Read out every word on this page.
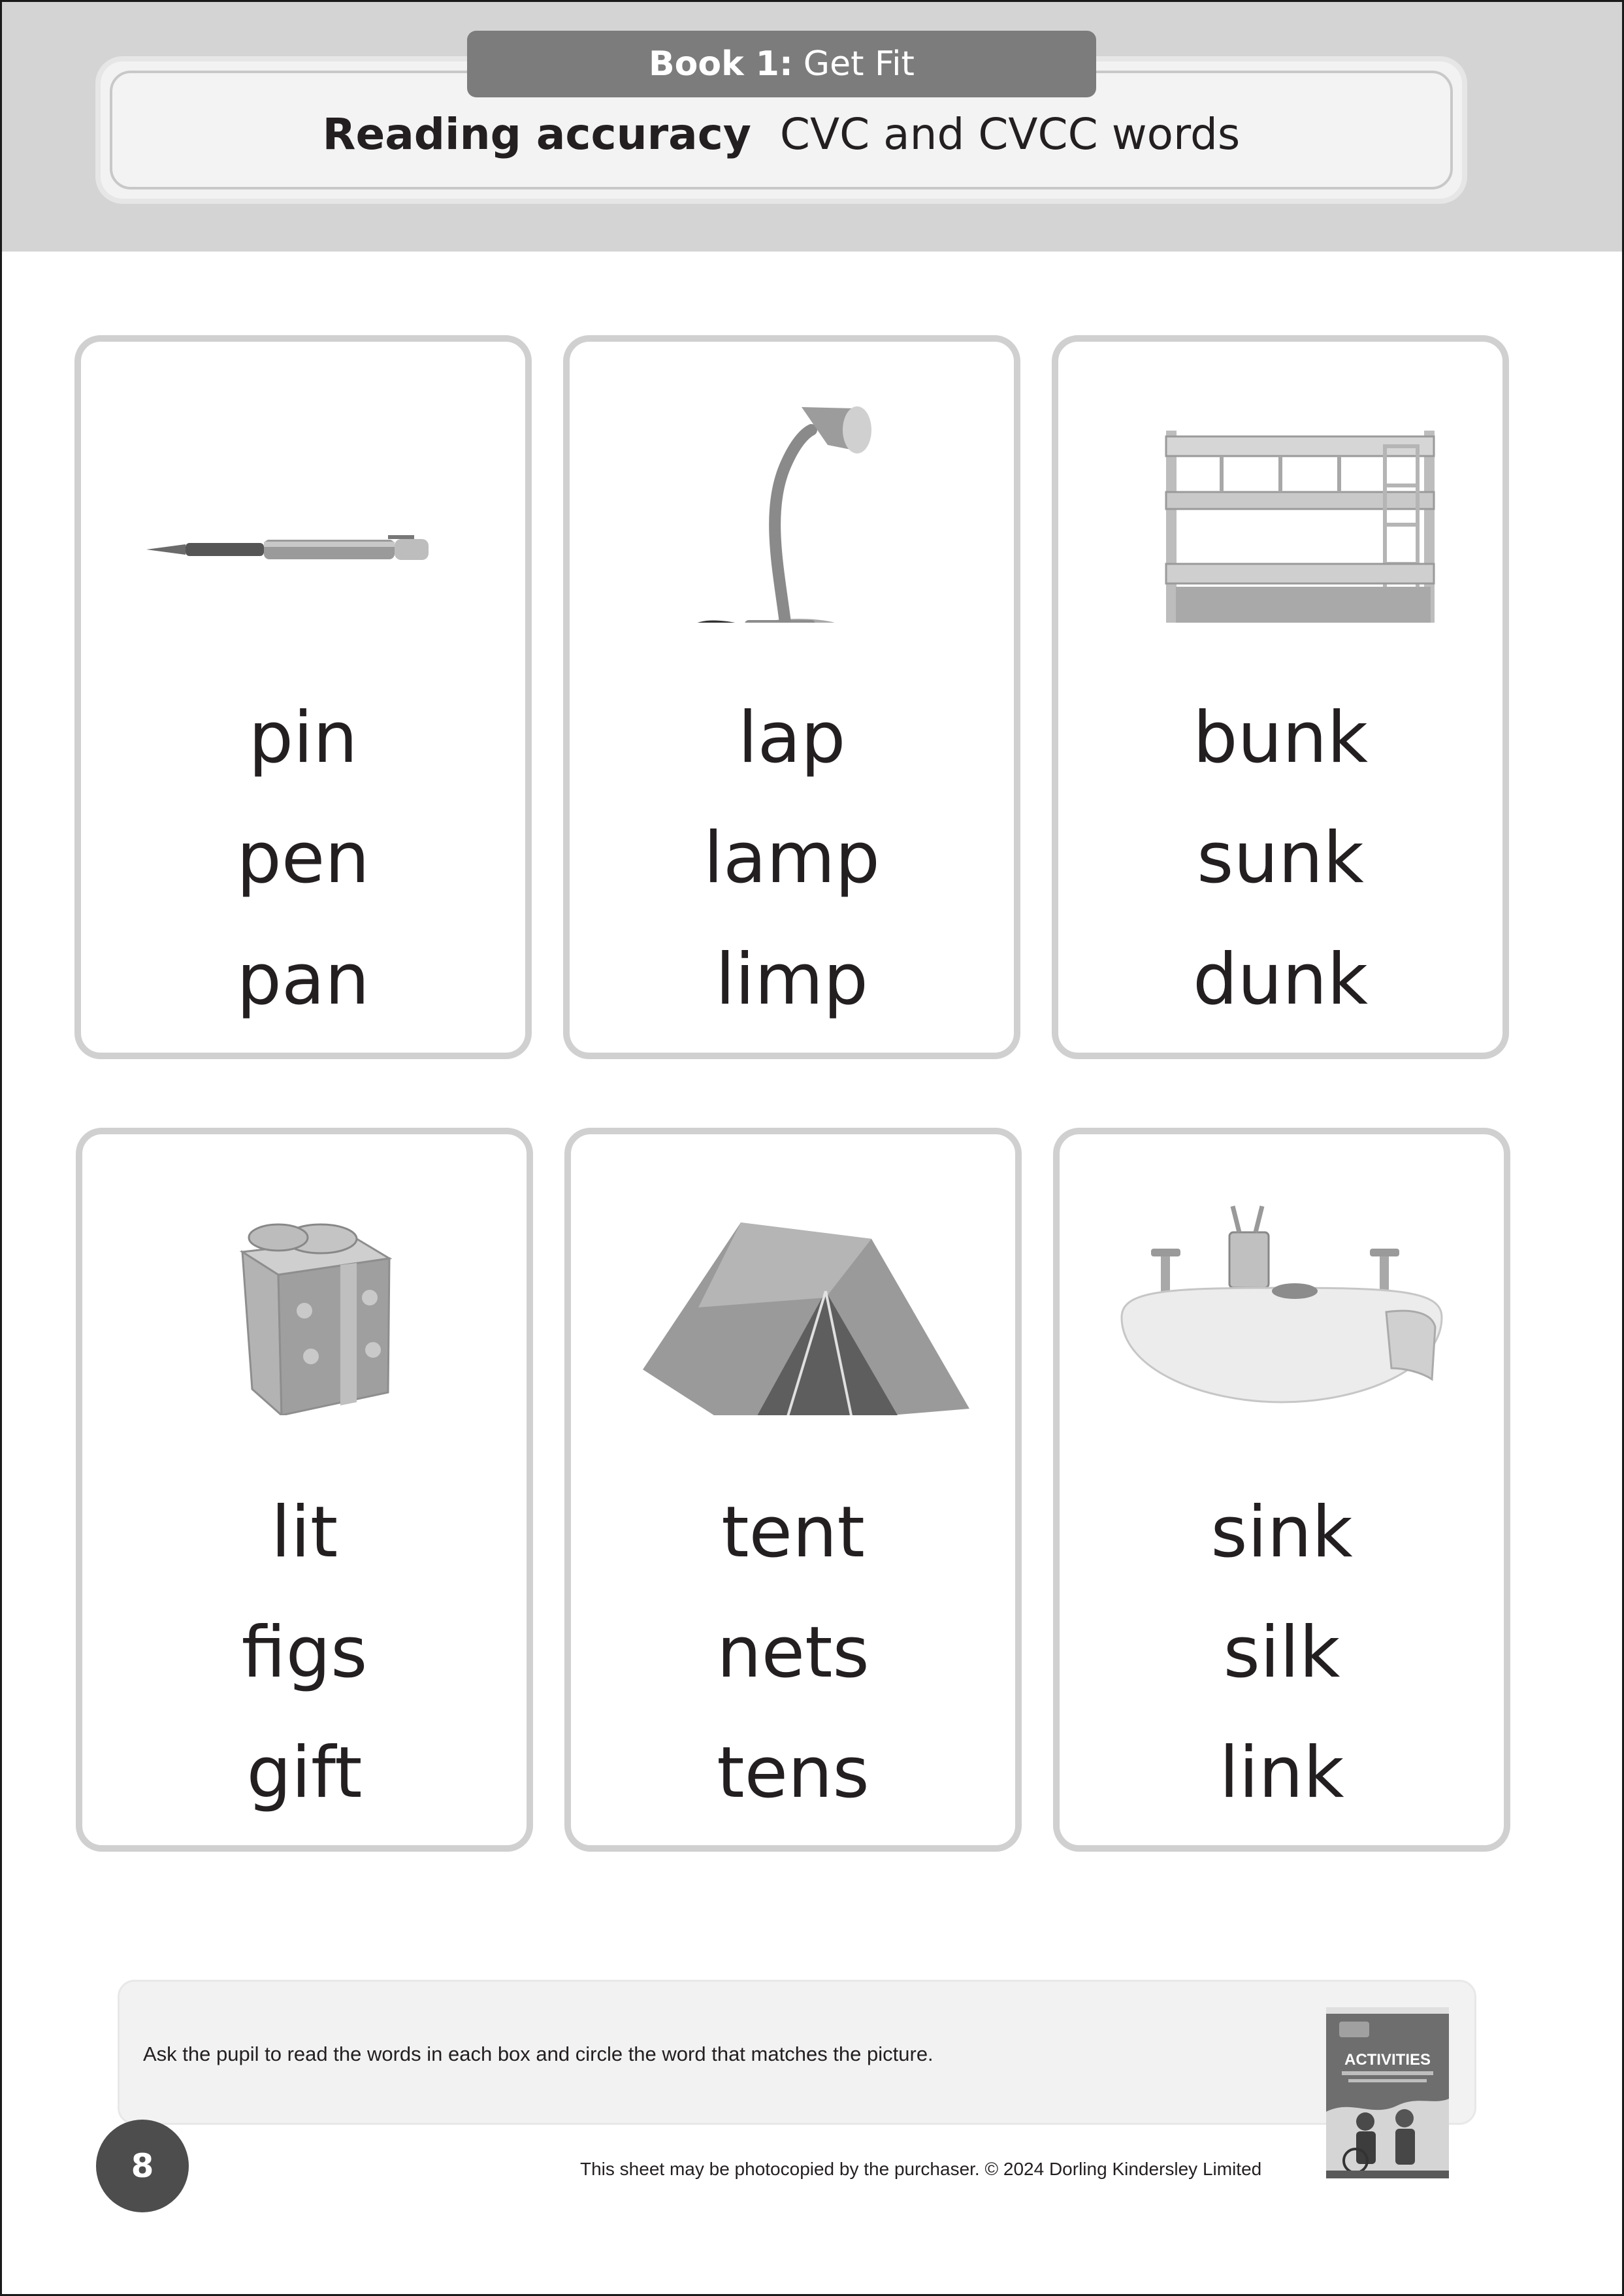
Book 1: Get Fit
Reading accuracy CVC and CVCC words
pin
pen
pan
lap
lamp
limp
bunk
sunk
dunk
lit
figs
gift
tent
nets
tens
sink
silk
link
Ask the pupil to read the words in each box and circle the word that matches the picture.	ACTIVITIES
8	This sheet may be photocopied by the purchaser. © 2024 Dorling Kindersley Limited
